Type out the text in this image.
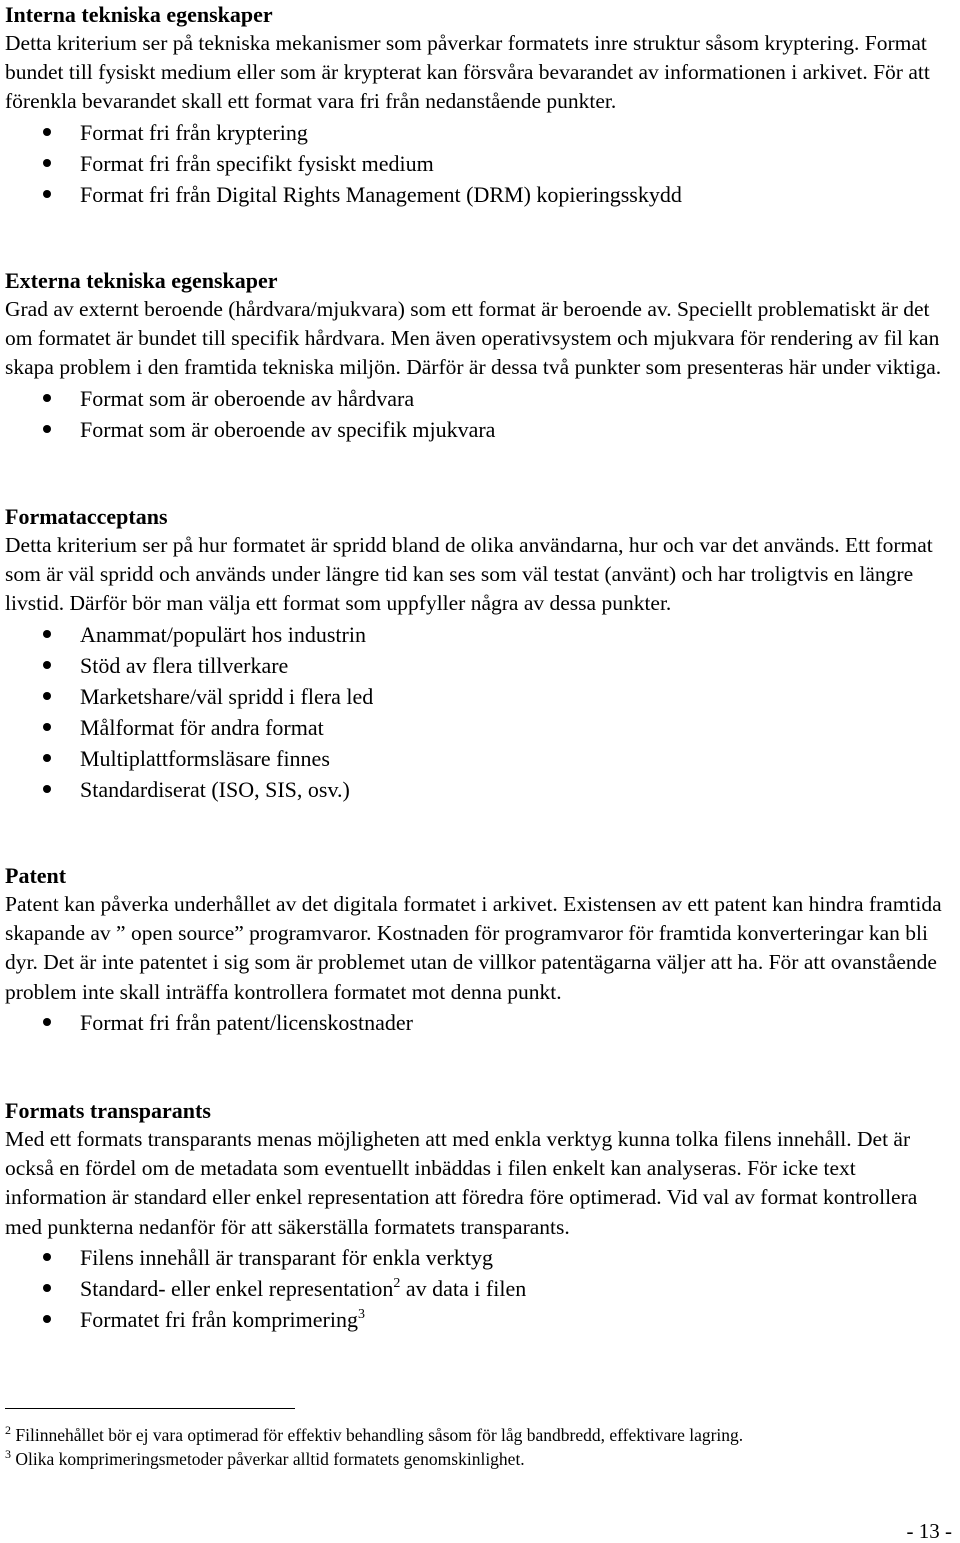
Interna tekniska egenskaper

Detta kriterium ser på tekniska mekanismer som påverkar formatets inre struktur såsom kryptering. Format bundet till fysiskt medium eller som är krypterat kan försvåra bevarandet av informationen i arkivet. För att förenkla bevarandet skall ett format vara fri från nedanstående punkter.

Format fri från kryptering
Format fri från specifikt fysiskt medium
Format fri från Digital Rights Management (DRM) kopieringsskydd

Externa tekniska egenskaper

Grad av externt beroende (hårdvara/mjukvara) som ett format är beroende av. Speciellt problematiskt är det om formatet är bundet till specifik hårdvara. Men även operativsystem och mjukvara för rendering av fil kan skapa problem i den framtida tekniska miljön. Därför är dessa två punkter som presenteras här under viktiga.

Format som är oberoende av hårdvara
Format som är oberoende av specifik mjukvara

Formatacceptans

Detta kriterium ser på hur formatet är spridd bland de olika användarna, hur och var det används. Ett format som är väl spridd och används under längre tid kan ses som väl testat (använt) och har troligtvis en längre livstid. Därför bör man välja ett format som uppfyller några av dessa punkter.

Anammat/populärt hos industrin
Stöd av flera tillverkare
Marketshare/väl spridd i flera led
Målformat för andra format
Multiplattformsläsare finnes
Standardiserat (ISO, SIS, osv.)

Patent

Patent kan påverka underhållet av det digitala formatet i arkivet. Existensen av ett patent kan hindra framtida skapande av ” open source” programvaror. Kostnaden för programvaror för framtida konverteringar kan bli dyr. Det är inte patentet i sig som är problemet utan de villkor patentägarna väljer att ha. För att ovanstående problem inte skall inträffa kontrollera formatet mot denna punkt.

Format fri från patent/licenskostnader

Formats transparants

Med ett formats transparants menas möjligheten att med enkla verktyg kunna tolka filens innehåll. Det är också en fördel om de metadata som eventuellt inbäddas i filen enkelt kan analyseras. För icke text information är standard eller enkel representation att föredra före optimerad. Vid val av format kontrollera med punkterna nedanför för att säkerställa formatets transparants.

Filens innehåll är transparant för enkla verktyg
Standard- eller enkel representation$^2$ av data i filen
Formatet fri från komprimering$^3$

$^2$ Filinnehållet bör ej vara optimerad för effektiv behandling såsom för låg bandbredd, effektivare lagring.

$^3$ Olika komprimeringsmetoder påverkar alltid formatets genomskinlighet.

- 13 -
